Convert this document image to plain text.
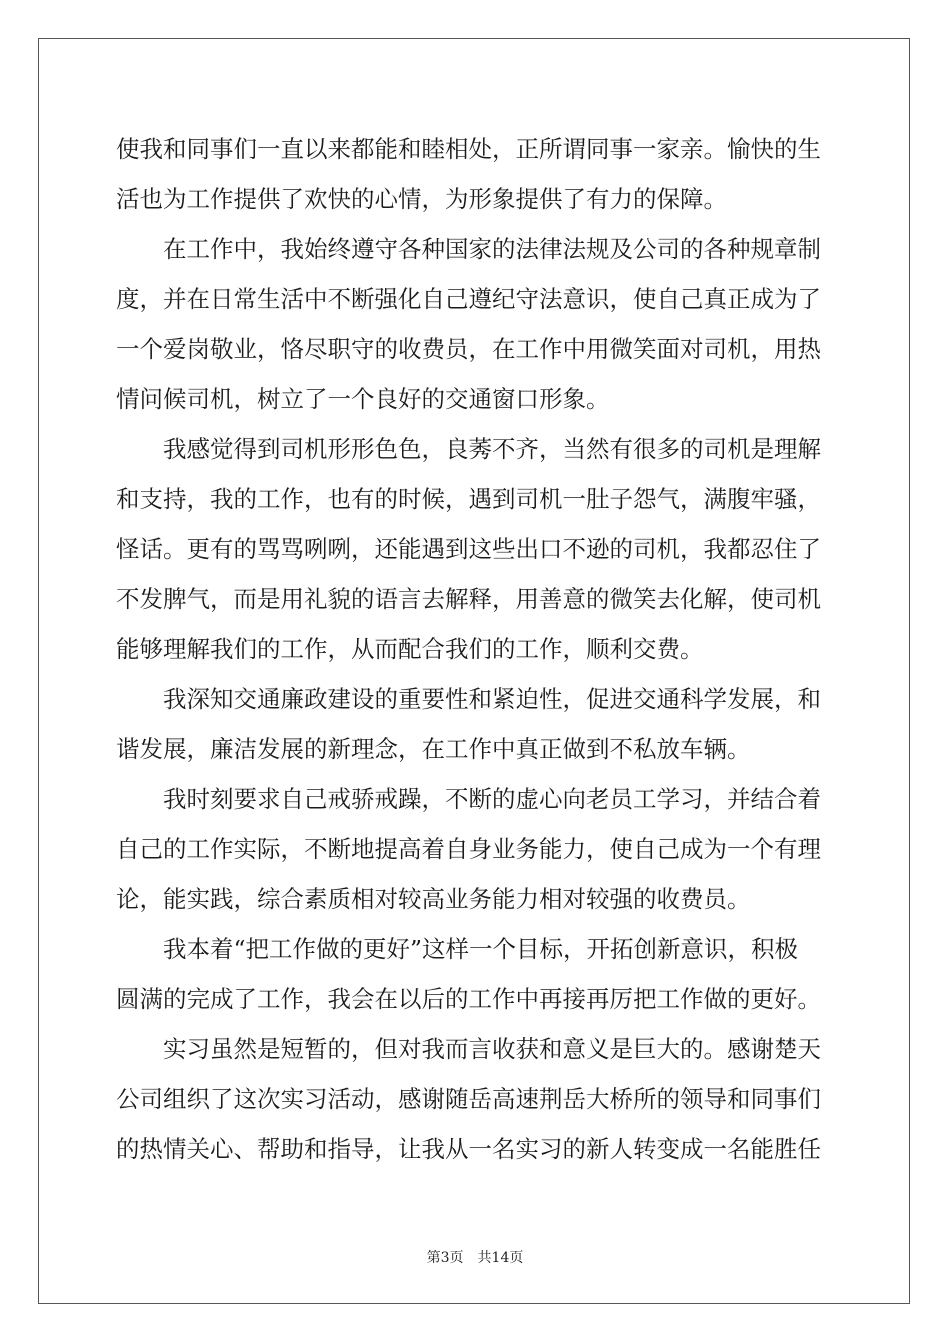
使我和同事们一直以来都能和睦相处，正所谓同事一家亲。愉快的生
活也为工作提供了欢快的心情，为形象提供了有力的保障。
　　在工作中，我始终遵守各种国家的法律法规及公司的各种规章制
度，并在日常生活中不断强化自己遵纪守法意识，使自己真正成为了
一个爱岗敬业，恪尽职守的收费员，在工作中用微笑面对司机，用热
情问候司机，树立了一个良好的交通窗口形象。
　　我感觉得到司机形形色色，良莠不齐，当然有很多的司机是理解
和支持，我的工作，也有的时候，遇到司机一肚子怨气，满腹牢骚，
怪话。更有的骂骂咧咧，还能遇到这些出口不逊的司机，我都忍住了
不发脾气，而是用礼貌的语言去解释，用善意的微笑去化解，使司机
能够理解我们的工作，从而配合我们的工作，顺利交费。
　　我深知交通廉政建设的重要性和紧迫性，促进交通科学发展，和
谐发展，廉洁发展的新理念，在工作中真正做到不私放车辆。
　　我时刻要求自己戒骄戒躁，不断的虚心向老员工学习，并结合着
自己的工作实际，不断地提高着自身业务能力，使自己成为一个有理
论，能实践，综合素质相对较高业务能力相对较强的收费员。
　　我本着“把工作做的更好”这样一个目标，开拓创新意识，积极
圆满的完成了工作，我会在以后的工作中再接再厉把工作做的更好。
　　实习虽然是短暂的，但对我而言收获和意义是巨大的。感谢楚天
公司组织了这次实习活动，感谢随岳高速荆岳大桥所的领导和同事们
的热情关心、帮助和指导，让我从一名实习的新人转变成一名能胜任
第3页 共14页
